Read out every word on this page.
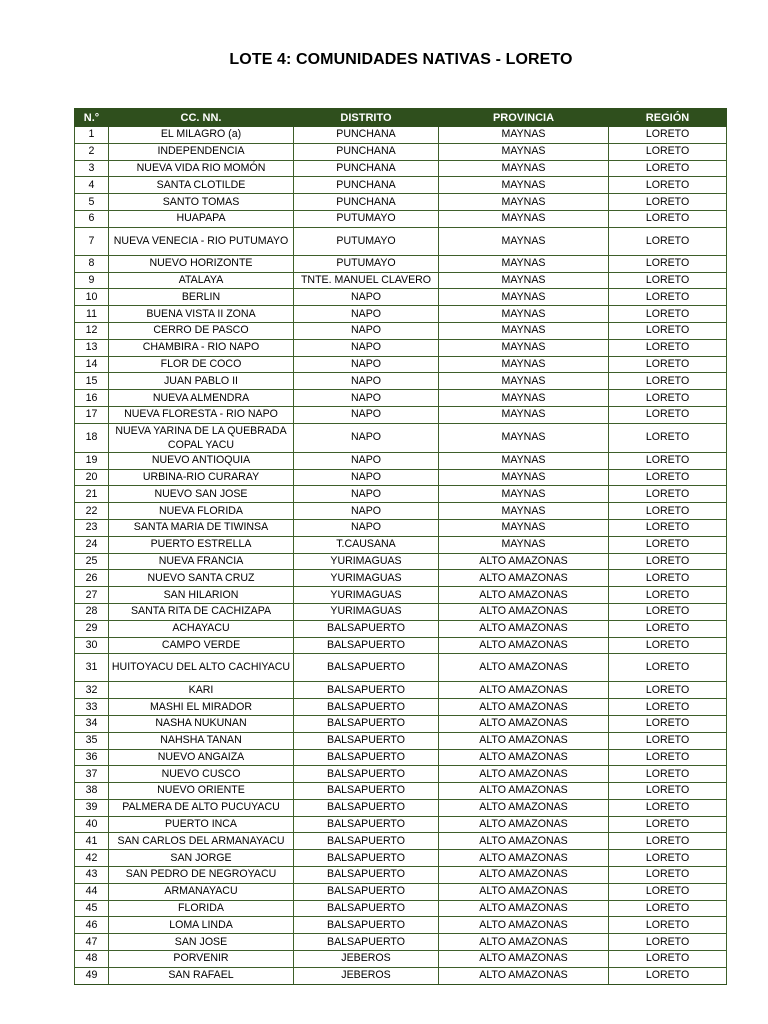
LOTE 4: COMUNIDADES NATIVAS - LORETO
N.°	CC. NN.	DISTRITO	PROVINCIA	REGIÓN
1	EL MILAGRO (a)	PUNCHANA	MAYNAS	LORETO
2	INDEPENDENCIA	PUNCHANA	MAYNAS	LORETO
3	NUEVA VIDA RIO MOMÓN	PUNCHANA	MAYNAS	LORETO
4	SANTA CLOTILDE	PUNCHANA	MAYNAS	LORETO
5	SANTO TOMAS	PUNCHANA	MAYNAS	LORETO
6	HUAPAPA	PUTUMAYO	MAYNAS	LORETO
7	NUEVA VENECIA - RIO PUTUMAYO	PUTUMAYO	MAYNAS	LORETO
8	NUEVO HORIZONTE	PUTUMAYO	MAYNAS	LORETO
9	ATALAYA	TNTE. MANUEL CLAVERO	MAYNAS	LORETO
10	BERLIN	NAPO	MAYNAS	LORETO
11	BUENA VISTA II ZONA	NAPO	MAYNAS	LORETO
12	CERRO DE PASCO	NAPO	MAYNAS	LORETO
13	CHAMBIRA - RIO NAPO	NAPO	MAYNAS	LORETO
14	FLOR DE COCO	NAPO	MAYNAS	LORETO
15	JUAN PABLO II	NAPO	MAYNAS	LORETO
16	NUEVA ALMENDRA	NAPO	MAYNAS	LORETO
17	NUEVA FLORESTA - RIO NAPO	NAPO	MAYNAS	LORETO
18	NUEVA YARINA DE LA QUEBRADA COPAL YACU	NAPO	MAYNAS	LORETO
19	NUEVO ANTIOQUIA	NAPO	MAYNAS	LORETO
20	URBINA-RIO CURARAY	NAPO	MAYNAS	LORETO
21	NUEVO SAN JOSE	NAPO	MAYNAS	LORETO
22	NUEVA FLORIDA	NAPO	MAYNAS	LORETO
23	SANTA MARIA DE TIWINSA	NAPO	MAYNAS	LORETO
24	PUERTO ESTRELLA	T.CAUSANA	MAYNAS	LORETO
25	NUEVA FRANCIA	YURIMAGUAS	ALTO AMAZONAS	LORETO
26	NUEVO SANTA CRUZ	YURIMAGUAS	ALTO AMAZONAS	LORETO
27	SAN HILARION	YURIMAGUAS	ALTO AMAZONAS	LORETO
28	SANTA RITA DE CACHIZAPA	YURIMAGUAS	ALTO AMAZONAS	LORETO
29	ACHAYACU	BALSAPUERTO	ALTO AMAZONAS	LORETO
30	CAMPO VERDE	BALSAPUERTO	ALTO AMAZONAS	LORETO
31	HUITOYACU DEL ALTO CACHIYACU	BALSAPUERTO	ALTO AMAZONAS	LORETO
32	KARI	BALSAPUERTO	ALTO AMAZONAS	LORETO
33	MASHI EL MIRADOR	BALSAPUERTO	ALTO AMAZONAS	LORETO
34	NASHA NUKUNAN	BALSAPUERTO	ALTO AMAZONAS	LORETO
35	NAHSHA TANAN	BALSAPUERTO	ALTO AMAZONAS	LORETO
36	NUEVO ANGAIZA	BALSAPUERTO	ALTO AMAZONAS	LORETO
37	NUEVO CUSCO	BALSAPUERTO	ALTO AMAZONAS	LORETO
38	NUEVO ORIENTE	BALSAPUERTO	ALTO AMAZONAS	LORETO
39	PALMERA DE ALTO PUCUYACU	BALSAPUERTO	ALTO AMAZONAS	LORETO
40	PUERTO INCA	BALSAPUERTO	ALTO AMAZONAS	LORETO
41	SAN CARLOS DEL ARMANAYACU	BALSAPUERTO	ALTO AMAZONAS	LORETO
42	SAN JORGE	BALSAPUERTO	ALTO AMAZONAS	LORETO
43	SAN PEDRO DE NEGROYACU	BALSAPUERTO	ALTO AMAZONAS	LORETO
44	ARMANAYACU	BALSAPUERTO	ALTO AMAZONAS	LORETO
45	FLORIDA	BALSAPUERTO	ALTO AMAZONAS	LORETO
46	LOMA LINDA	BALSAPUERTO	ALTO AMAZONAS	LORETO
47	SAN JOSE	BALSAPUERTO	ALTO AMAZONAS	LORETO
48	PORVENIR	JEBEROS	ALTO AMAZONAS	LORETO
49	SAN RAFAEL	JEBEROS	ALTO AMAZONAS	LORETO
